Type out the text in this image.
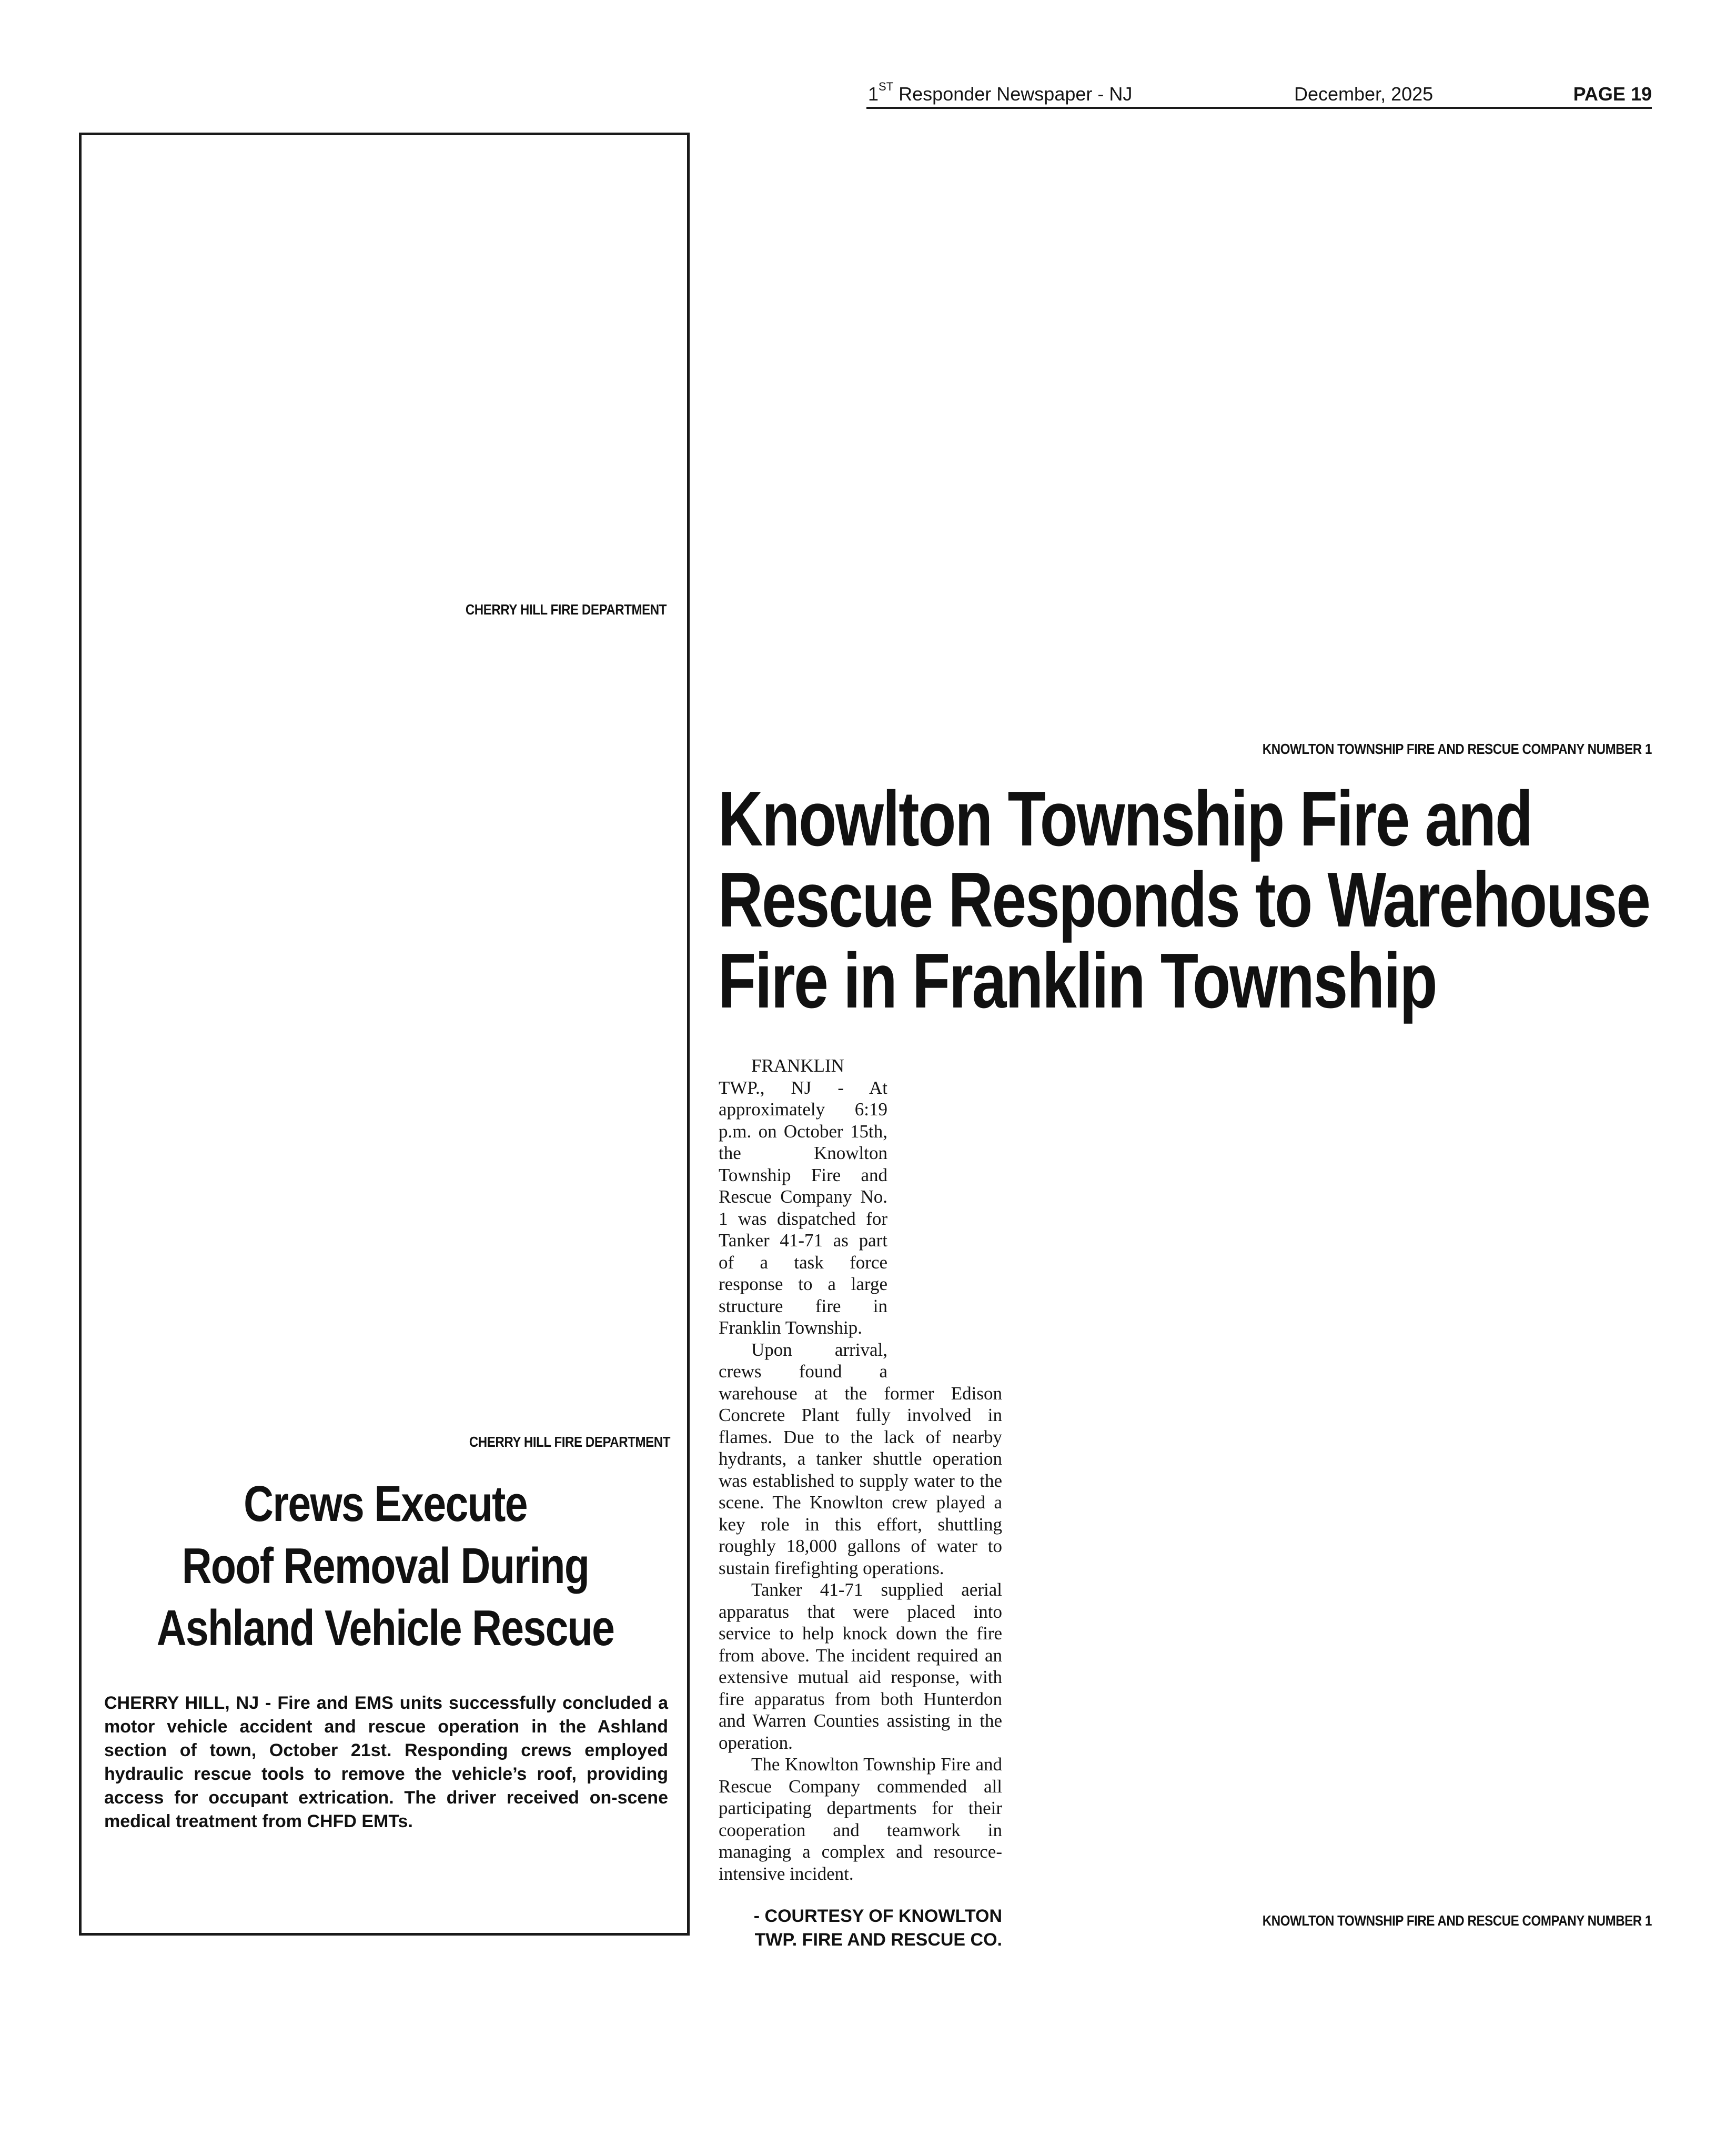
1ST Responder Newspaper - NJ	December, 2025	PAGE 19
CHERRY HILL FIRE DEPARTMENT
CHERRY HILL FIRE DEPARTMENT
Crews Execute
Roof Removal During
Ashland Vehicle Rescue
CHERRY HILL, NJ - Fire and EMS units successfully concluded a motor vehicle accident and rescue operation in the Ashland section of town, October 21st. Responding crews employed hydraulic rescue tools to remove the vehicle’s roof, providing access for occupant extrication. The driver received on-scene medical treatment from CHFD EMTs.
KNOWLTON TOWNSHIP FIRE AND RESCUE COMPANY NUMBER 1
Knowlton Township Fire and
Rescue Responds to Warehouse
Fire in Franklin Township

FRANKLIN TWP., NJ - At approximately 6:19 p.m. on October 15th, the Knowlton Township Fire and Rescue Company No. 1 was dispatched for Tanker 41-71 as part of a task force response to a large structure fire in Franklin Township.

Upon arrival, crews found a warehouse at the former Edison Concrete Plant fully involved in flames. Due to the lack of nearby hydrants, a tanker shuttle operation was established to supply water to the scene. The Knowlton crew played a key role in this effort, shuttling roughly 18,000 gallons of water to sustain firefighting operations.

Tanker 41-71 supplied aerial apparatus that were placed into service to help knock down the fire from above. The incident required an extensive mutual aid response, with fire apparatus from both Hunterdon and Warren Counties assisting in the operation.

The Knowlton Township Fire and Rescue Company commended all participating departments for their cooperation and teamwork in managing a complex and resource-intensive incident.

- COURTESY OF KNOWLTON TWP. FIRE AND RESCUE CO.
KNOWLTON TOWNSHIP FIRE AND RESCUE COMPANY NUMBER 1
